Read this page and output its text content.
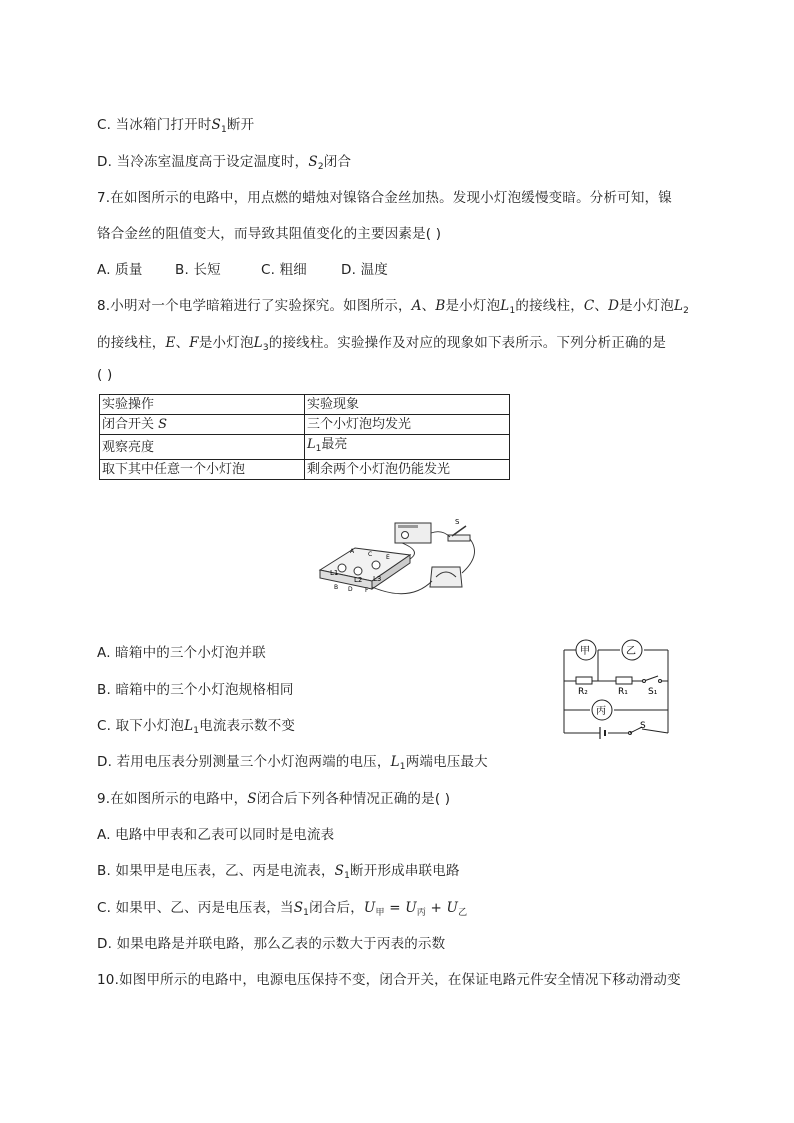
C. 当冰箱门打开时$S_1$断开
D. 当冷冻室温度高于设定温度时，$S_2$闭合
7.在如图所示的电路中，用点燃的蜡烛对镍铬合金丝加热。发现小灯泡缓慢变暗。分析可知，镍
铬合金丝的阻值变大，而导致其阻值变化的主要因素是( )
A. 质量 B. 长短	C. 粗细	D. 温度
8.小明对一个电学暗箱进行了实验探究。如图所示，A、B是小灯泡$L_1$的接线柱，C、D是小灯泡$L_2$
的接线柱，E、F是小灯泡$L_3$的接线柱。实验操作及对应的现象如下表所示。下列分析正确的是
( )
实验操作	实验现象
闭合开关 S	三个小灯泡均发光
观察亮度	$L_1$最亮
取下其中任意一个小灯泡	剩余两个小灯泡仍能发光
L1
L2 L3
B D F
A C E
S
A. 暗箱中的三个小灯泡并联
B. 暗箱中的三个小灯泡规格相同
C. 取下小灯泡$L_1$电流表示数不变
D. 若用电压表分别测量三个小灯泡两端的电压，$L_1$两端电压最大
甲	乙
丙
R₂	R₁ S₁
S
9.在如图所示的电路中，S闭合后下列各种情况正确的是( )
A. 电路中甲表和乙表可以同时是电流表
B. 如果甲是电压表，乙、丙是电流表，$S_1$断开形成串联电路
C. 如果甲、乙、丙是电压表，当$S_1$闭合后，$U_甲 = U_丙 + U_乙$
D. 如果电路是并联电路，那么乙表的示数大于丙表的示数
10.如图甲所示的电路中，电源电压保持不变，闭合开关，在保证电路元件安全情况下移动滑动变
